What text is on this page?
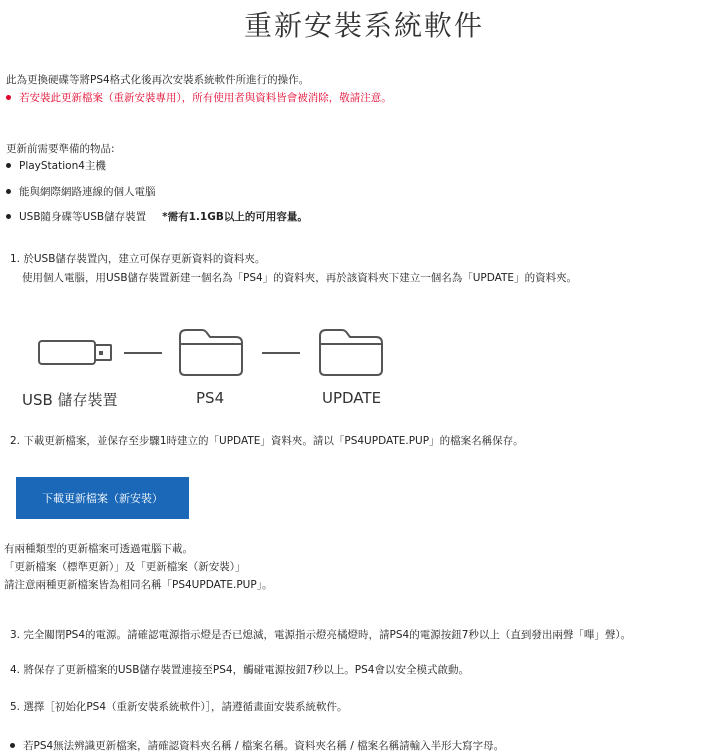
重新安裝系統軟件
此為更換硬碟等將PS4格式化後再次安裝系統軟件所進行的操作。
若安裝此更新檔案（重新安裝專用），所有使用者與資料皆會被消除，敬請注意。
更新前需要準備的物品:
PlayStation4主機
能與網際網路連線的個人電腦
USB隨身碟等USB儲存裝置 *需有1.1GB以上的可用容量。
1. 於USB儲存裝置內，建立可保存更新資料的資料夾。
使用個人電腦，用USB儲存裝置新建一個名為「PS4」的資料夾，再於該資料夾下建立一個名為「UPDATE」的資料夾。
USB 儲存裝置	PS4	UPDATE
2. 下載更新檔案，並保存至步驟1時建立的「UPDATE」資料夾。請以「PS4UPDATE.PUP」的檔案名稱保存。
下載更新檔案（新安裝）
有兩種類型的更新檔案可透過電腦下載。
「更新檔案（標準更新）」及「更新檔案（新安裝）」
請注意兩種更新檔案皆為相同名稱「PS4UPDATE.PUP」。
3. 完全關閉PS4的電源。請確認電源指示燈是否已熄滅，電源指示燈亮橘燈時，請PS4的電源按鈕7秒以上（直到發出兩聲「嗶」聲）。
4. 將保存了更新檔案的USB儲存裝置連接至PS4，觸碰電源按鈕7秒以上。PS4會以安全模式啟動。
5. 選擇［初始化PS4（重新安裝系統軟件）］，請遵循畫面安裝系統軟件。
若PS4無法辨識更新檔案，請確認資料夾名稱 / 檔案名稱。資料夾名稱 / 檔案名稱請輸入半形大寫字母。
